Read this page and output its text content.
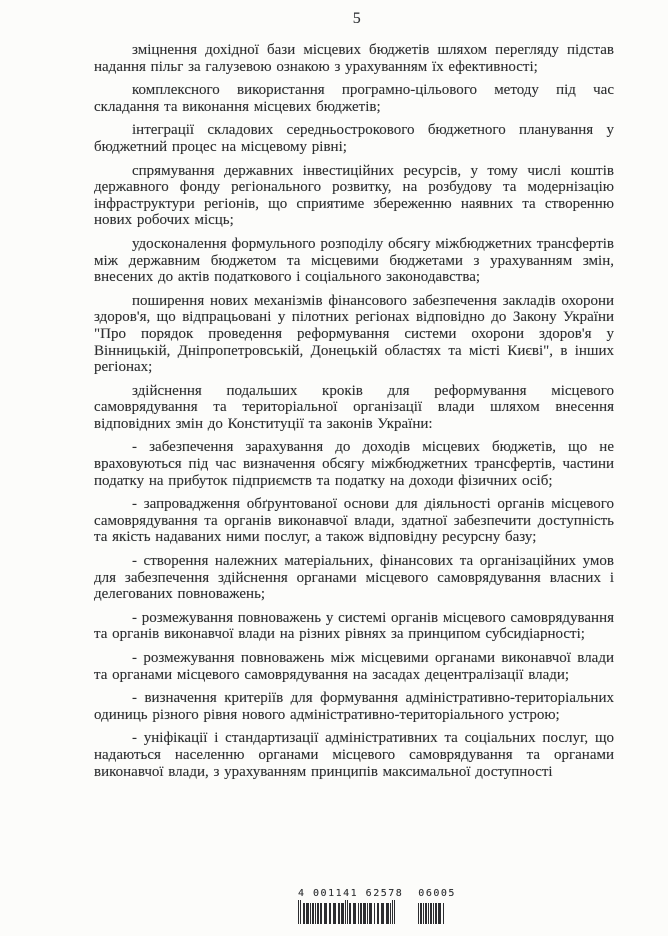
5

зміцнення дохідної бази місцевих бюджетів шляхом перегляду підстав надання пільг за галузевою ознакою з урахуванням їх ефективності;

комплексного використання програмно-цільового методу під час складання та виконання місцевих бюджетів;

інтеграції складових середньострокового бюджетного планування у бюджетний процес на місцевому рівні;

спрямування державних інвестиційних ресурсів, у тому числі коштів державного фонду регіонального розвитку, на розбудову та модернізацію інфраструктури регіонів, що сприятиме збереженню наявних та створенню нових робочих місць;

удосконалення формульного розподілу обсягу міжбюджетних трансфертів між державним бюджетом та місцевими бюджетами з урахуванням змін, внесених до актів податкового і соціального законодавства;

поширення нових механізмів фінансового забезпечення закладів охорони здоров'я, що відпрацьовані у пілотних регіонах відповідно до Закону України "Про порядок проведення реформування системи охорони здоров'я у Вінницькій, Дніпропетровській, Донецькій областях та місті Києві", в інших регіонах;

здійснення подальших кроків для реформування місцевого самоврядування та територіальної організації влади шляхом внесення відповідних змін до Конституції та законів України:

- забезпечення зарахування до доходів місцевих бюджетів, що не враховуються під час визначення обсягу міжбюджетних трансфертів, частини податку на прибуток підприємств та податку на доходи фізичних осіб;

- запровадження обґрунтованої основи для діяльності органів місцевого самоврядування та органів виконавчої влади, здатної забезпечити доступність та якість надаваних ними послуг, а також відповідну ресурсну базу;

- створення належних матеріальних, фінансових та організаційних умов для забезпечення здійснення органами місцевого самоврядування власних і делегованих повноважень;

- розмежування повноважень у системі органів місцевого самоврядування та органів виконавчої влади на різних рівнях за принципом субсидіарності;

- розмежування повноважень між місцевими органами виконавчої влади та органами місцевого самоврядування на засадах децентралізації влади;

- визначення критеріїв для формування адміністративно-територіальних одиниць різного рівня нового адміністративно-територіального устрою;

- уніфікації і стандартизації адміністративних та соціальних послуг, що надаються населенню органами місцевого самоврядування та органами виконавчої влади, з урахуванням принципів максимальної доступності

4 001141 62578 06005
